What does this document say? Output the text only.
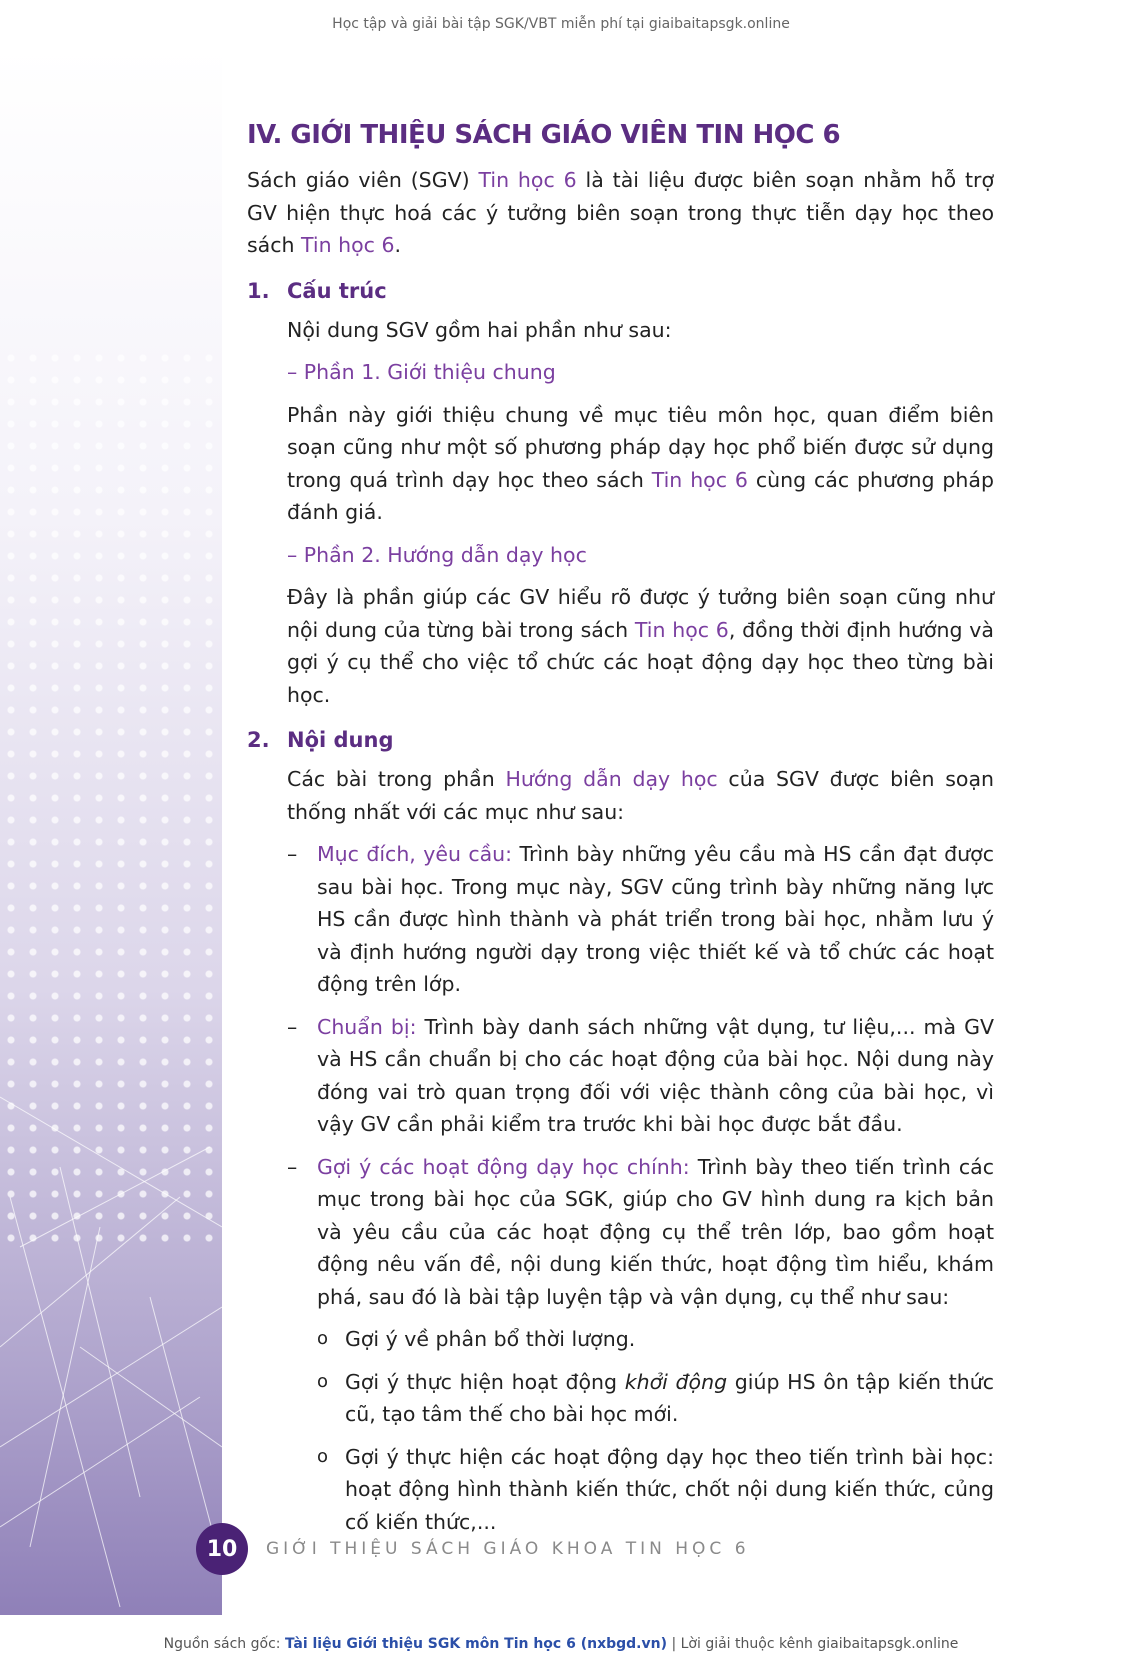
Học tập và giải bài tập SGK/VBT miễn phí tại giaibaitapsgk.online
IV. GIỚI THIỆU SÁCH GIÁO VIÊN TIN HỌC 6

Sách giáo viên (SGV) Tin học 6 là tài liệu được biên soạn nhằm hỗ trợ GV hiện thực hoá các ý tưởng biên soạn trong thực tiễn dạy học theo sách Tin học 6.

1. Cấu trúc

Nội dung SGV gồm hai phần như sau:

– Phần 1. Giới thiệu chung

Phần này giới thiệu chung về mục tiêu môn học, quan điểm biên soạn cũng như một số phương pháp dạy học phổ biến được sử dụng trong quá trình dạy học theo sách Tin học 6 cùng các phương pháp đánh giá.

– Phần 2. Hướng dẫn dạy học

Đây là phần giúp các GV hiểu rõ được ý tưởng biên soạn cũng như nội dung của từng bài trong sách Tin học 6, đồng thời định hướng và gợi ý cụ thể cho việc tổ chức các hoạt động dạy học theo từng bài học.

2. Nội dung

Các bài trong phần Hướng dẫn dạy học của SGV được biên soạn thống nhất với các mục như sau:

– Mục đích, yêu cầu: Trình bày những yêu cầu mà HS cần đạt được sau bài học. Trong mục này, SGV cũng trình bày những năng lực HS cần được hình thành và phát triển trong bài học, nhằm lưu ý và định hướng người dạy trong việc thiết kế và tổ chức các hoạt động trên lớp.

– Chuẩn bị: Trình bày danh sách những vật dụng, tư liệu,... mà GV và HS cần chuẩn bị cho các hoạt động của bài học. Nội dung này đóng vai trò quan trọng đối với việc thành công của bài học, vì vậy GV cần phải kiểm tra trước khi bài học được bắt đầu.

– Gợi ý các hoạt động dạy học chính: Trình bày theo tiến trình các mục trong bài học của SGK, giúp cho GV hình dung ra kịch bản và yêu cầu của các hoạt động cụ thể trên lớp, bao gồm hoạt động nêu vấn đề, nội dung kiến thức, hoạt động tìm hiểu, khám phá, sau đó là bài tập luyện tập và vận dụng, cụ thể như sau:

o Gợi ý về phân bổ thời lượng.

o Gợi ý thực hiện hoạt động khởi động giúp HS ôn tập kiến thức cũ, tạo tâm thế cho bài học mới.

o Gợi ý thực hiện các hoạt động dạy học theo tiến trình bài học: hoạt động hình thành kiến thức, chốt nội dung kiến thức, củng cố kiến thức,...

10	GIỚI THIỆU SÁCH GIÁO KHOA TIN HỌC 6
Nguồn sách gốc: Tài liệu Giới thiệu SGK môn Tin học 6 (nxbgd.vn) | Lời giải thuộc kênh giaibaitapsgk.online
